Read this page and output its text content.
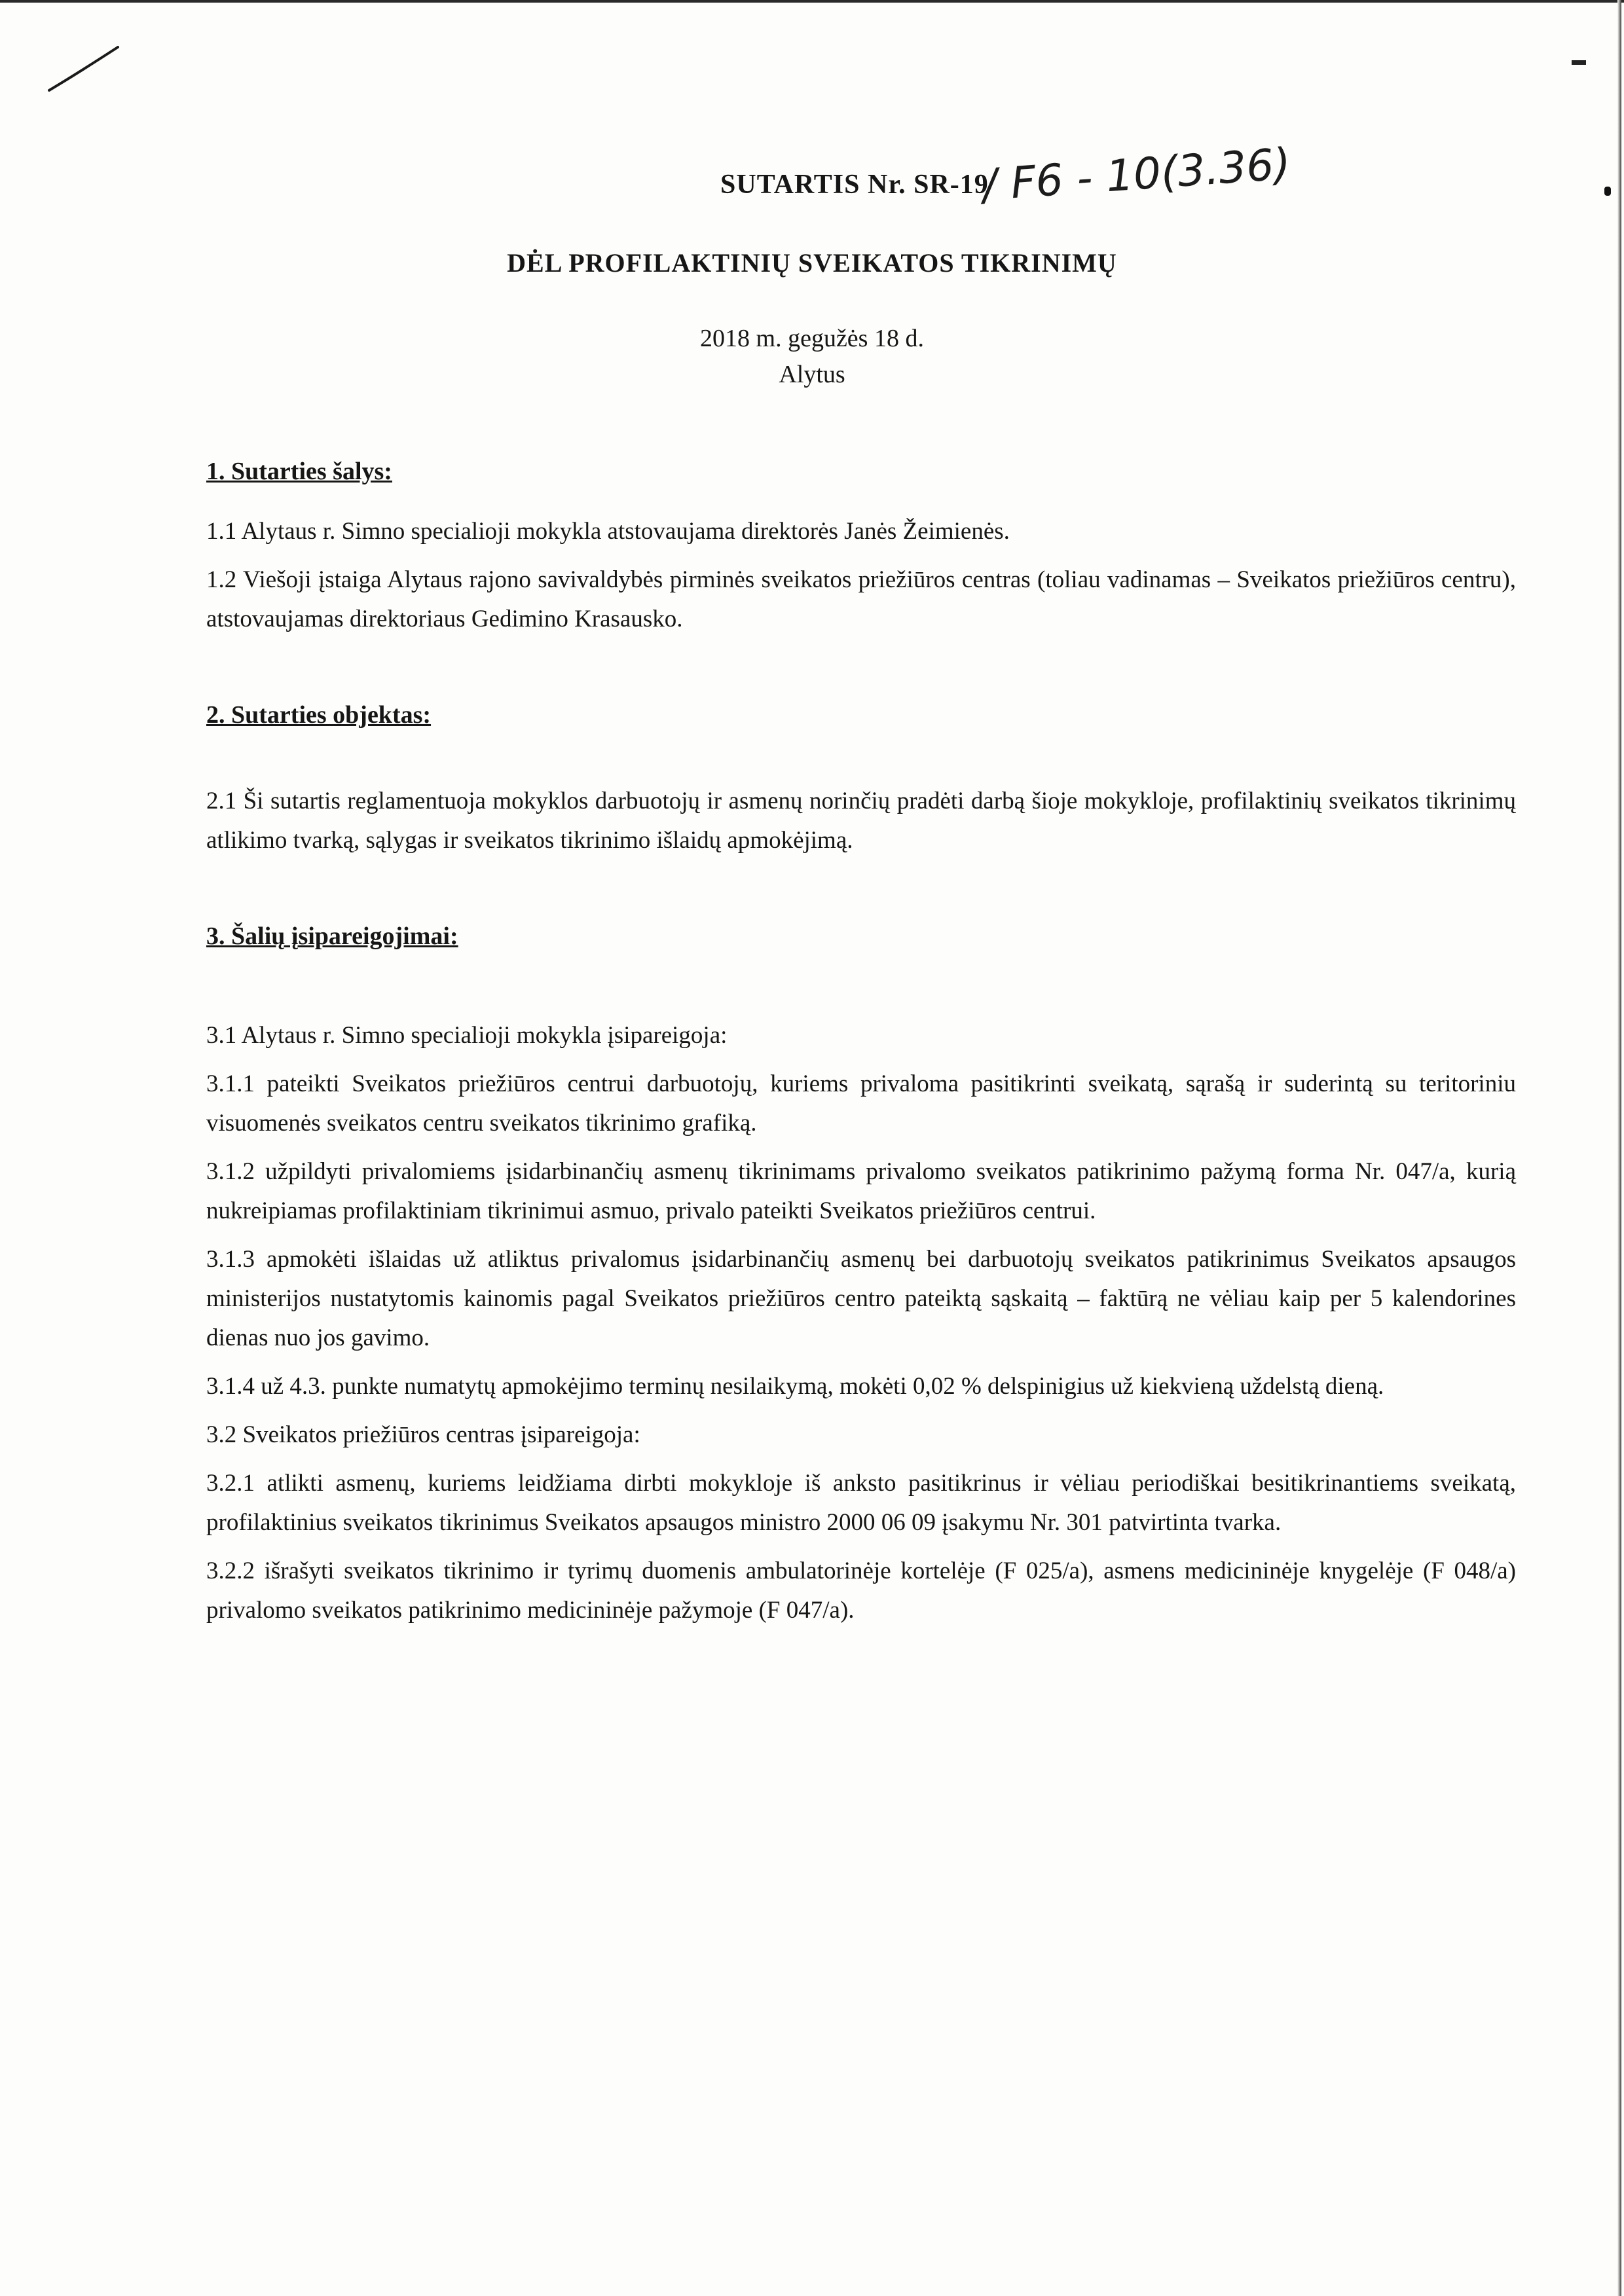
SUTARTIS Nr. SR-19
/ F6 - 10(3.36)
DĖL PROFILAKTINIŲ SVEIKATOS TIKRINIMŲ
2018 m. gegužės 18 d.
Alytus
1. Sutarties šalys:

1.1 Alytaus r. Simno specialioji mokykla atstovaujama direktorės Janės Žeimienės.

1.2 Viešoji įstaiga Alytaus rajono savivaldybės pirminės sveikatos priežiūros centras (toliau vadinamas – Sveikatos priežiūros centru), atstovaujamas direktoriaus Gedimino Krasausko.

2. Sutarties objektas:

2.1 Ši sutartis reglamentuoja mokyklos darbuotojų ir asmenų norinčių pradėti darbą šioje mokykloje, profilaktinių sveikatos tikrinimų atlikimo tvarką, sąlygas ir sveikatos tikrinimo išlaidų apmokėjimą.

3. Šalių įsipareigojimai:

3.1 Alytaus r. Simno specialioji mokykla įsipareigoja:

3.1.1 pateikti Sveikatos priežiūros centrui darbuotojų, kuriems privaloma pasitikrinti sveikatą, sąrašą ir suderintą su teritoriniu visuomenės sveikatos centru sveikatos tikrinimo grafiką.

3.1.2 užpildyti privalomiems įsidarbinančių asmenų tikrinimams privalomo sveikatos patikrinimo pažymą forma Nr. 047/a, kurią nukreipiamas profilaktiniam tikrinimui asmuo, privalo pateikti Sveikatos priežiūros centrui.

3.1.3 apmokėti išlaidas už atliktus privalomus įsidarbinančių asmenų bei darbuotojų sveikatos patikrinimus Sveikatos apsaugos ministerijos nustatytomis kainomis pagal Sveikatos priežiūros centro pateiktą sąskaitą – faktūrą ne vėliau kaip per 5 kalendorines dienas nuo jos gavimo.

3.1.4 už 4.3. punkte numatytų apmokėjimo terminų nesilaikymą, mokėti 0,02 % delspinigius už kiekvieną uždelstą dieną.

3.2 Sveikatos priežiūros centras įsipareigoja:

3.2.1 atlikti asmenų, kuriems leidžiama dirbti mokykloje iš anksto pasitikrinus ir vėliau periodiškai besitikrinantiems sveikatą, profilaktinius sveikatos tikrinimus Sveikatos apsaugos ministro 2000 06 09 įsakymu Nr. 301 patvirtinta tvarka.

3.2.2 išrašyti sveikatos tikrinimo ir tyrimų duomenis ambulatorinėje kortelėje (F 025/a), asmens medicininėje knygelėje (F 048/a) privalomo sveikatos patikrinimo medicininėje pažymoje (F 047/a).
